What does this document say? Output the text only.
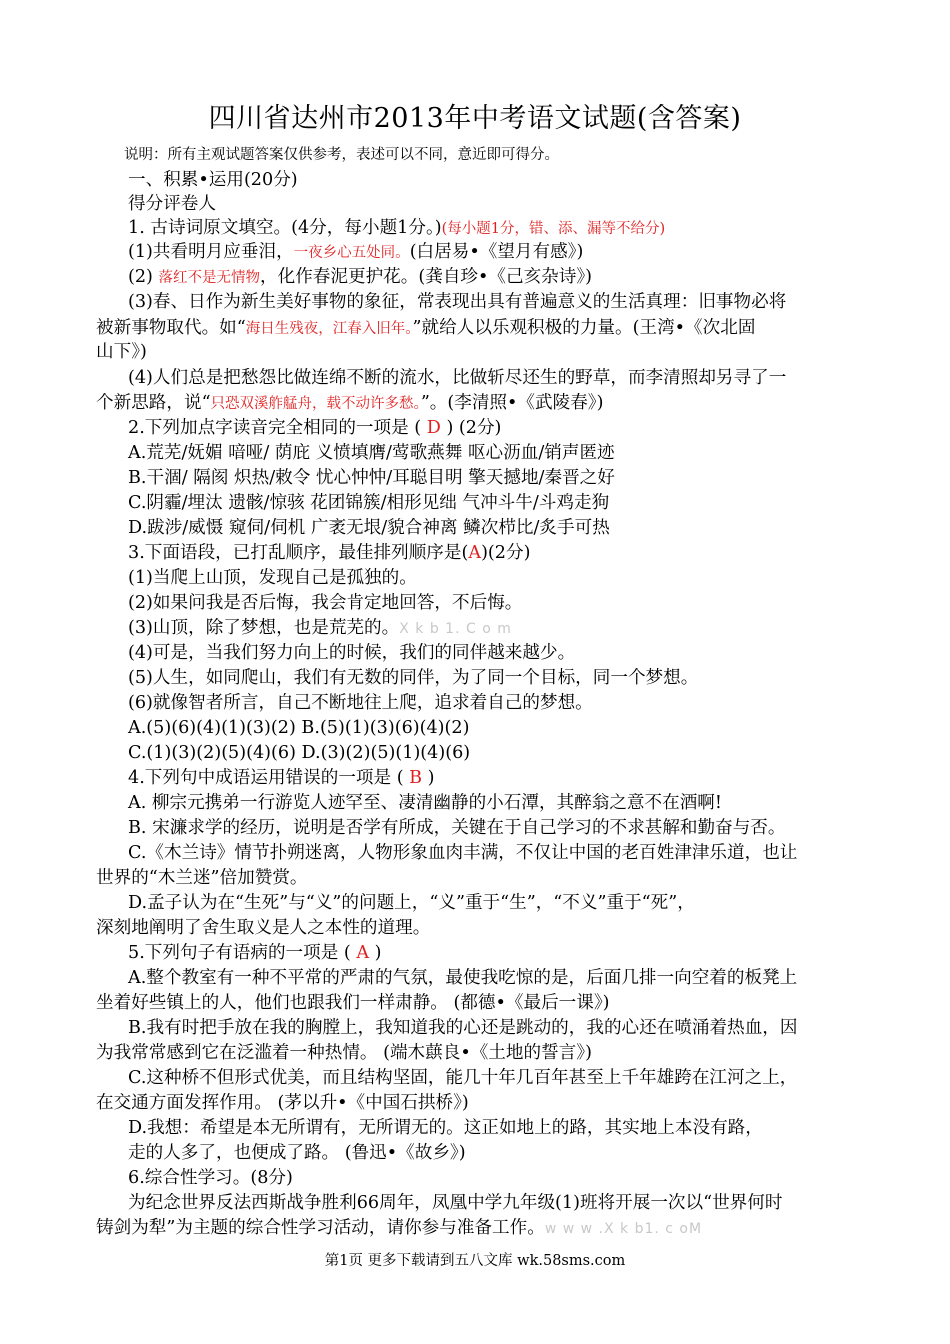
四川省达州市2013年中考语文试题(含答案)
说明：所有主观试题答案仅供参考，表述可以不同，意近即可得分。
一、积累•运用(20分)
得分评卷人
1. 古诗词原文填空。(4分，每小题1分。)(每小题1分，错、添、漏等不给分)
(1)共看明月应垂泪，一夜乡心五处同。(白居易•《望月有感》)
(2) 落红不是无情物，化作春泥更护花。(龚自珍•《己亥杂诗》)
(3)春、日作为新生美好事物的象征，常表现出具有普遍意义的生活真理：旧事物必将
被新事物取代。如“海日生残夜，江春入旧年。”就给人以乐观积极的力量。(王湾•《次北固
山下》)
(4)人们总是把愁怨比做连绵不断的流水，比做斩尽还生的野草，而李清照却另寻了一
个新思路，说“只恐双溪舴艋舟，载不动许多愁。”。(李清照•《武陵春》)
2.下列加点字读音完全相同的一项是 ( D ) (2分)
A.荒芜/妩媚 喑哑/ 荫庇 义愤填膺/莺歌燕舞 呕心沥血/销声匿迹
B.干涸/ 隔阂 炽热/敕令 忧心忡忡/耳聪目明 擎天撼地/秦晋之好
C.阴霾/埋汰 遗骸/惊骇 花团锦簇/相形见绌 气冲斗牛/斗鸡走狗
D.跋涉/威慑 窥伺/伺机 广袤无垠/貌合神离 鳞次栉比/炙手可热
3.下面语段，已打乱顺序，最佳排列顺序是(A)(2分)
(1)当爬上山顶，发现自己是孤独的。
(2)如果问我是否后悔，我会肯定地回答，不后悔。
(3)山顶，除了梦想，也是荒芜的。X k b 1. C o m
(4)可是，当我们努力向上的时候，我们的同伴越来越少。
(5)人生，如同爬山，我们有无数的同伴，为了同一个目标，同一个梦想。
(6)就像智者所言，自己不断地往上爬，追求着自己的梦想。
A.(5)(6)(4)(1)(3)(2) B.(5)(1)(3)(6)(4)(2)
C.(1)(3)(2)(5)(4)(6) D.(3)(2)(5)(1)(4)(6)
4.下列句中成语运用错误的一项是 ( B )
A. 柳宗元携弟一行游览人迹罕至、凄清幽静的小石潭，其醉翁之意不在酒啊!
B. 宋濂求学的经历，说明是否学有所成，关键在于自己学习的不求甚解和勤奋与否。
C.《木兰诗》情节扑朔迷离，人物形象血肉丰满，不仅让中国的老百姓津津乐道，也让
世界的“木兰迷”倍加赞赏。
D.孟子认为在“生死”与“义”的问题上，“义”重于“生”，“不义”重于“死”，
深刻地阐明了舍生取义是人之本性的道理。
5.下列句子有语病的一项是 ( A )
A.整个教室有一种不平常的严肃的气氛，最使我吃惊的是，后面几排一向空着的板凳上
坐着好些镇上的人，他们也跟我们一样肃静。 (都德•《最后一课》)
B.我有时把手放在我的胸膛上，我知道我的心还是跳动的，我的心还在喷涌着热血，因
为我常常感到它在泛滥着一种热情。 (端木蕻良•《土地的誓言》)
C.这种桥不但形式优美，而且结构坚固，能几十年几百年甚至上千年雄跨在江河之上，
在交通方面发挥作用。 (茅以升•《中国石拱桥》)
D.我想：希望是本无所谓有，无所谓无的。这正如地上的路，其实地上本没有路，
走的人多了，也便成了路。 (鲁迅•《故乡》)
6.综合性学习。(8分)
为纪念世界反法西斯战争胜利66周年，凤凰中学九年级(1)班将开展一次以“世界何时
铸剑为犁”为主题的综合性学习活动，请你参与准备工作。w w w .X k b1. c oM
第1页 更多下载请到五八文库 wk.58sms.com
